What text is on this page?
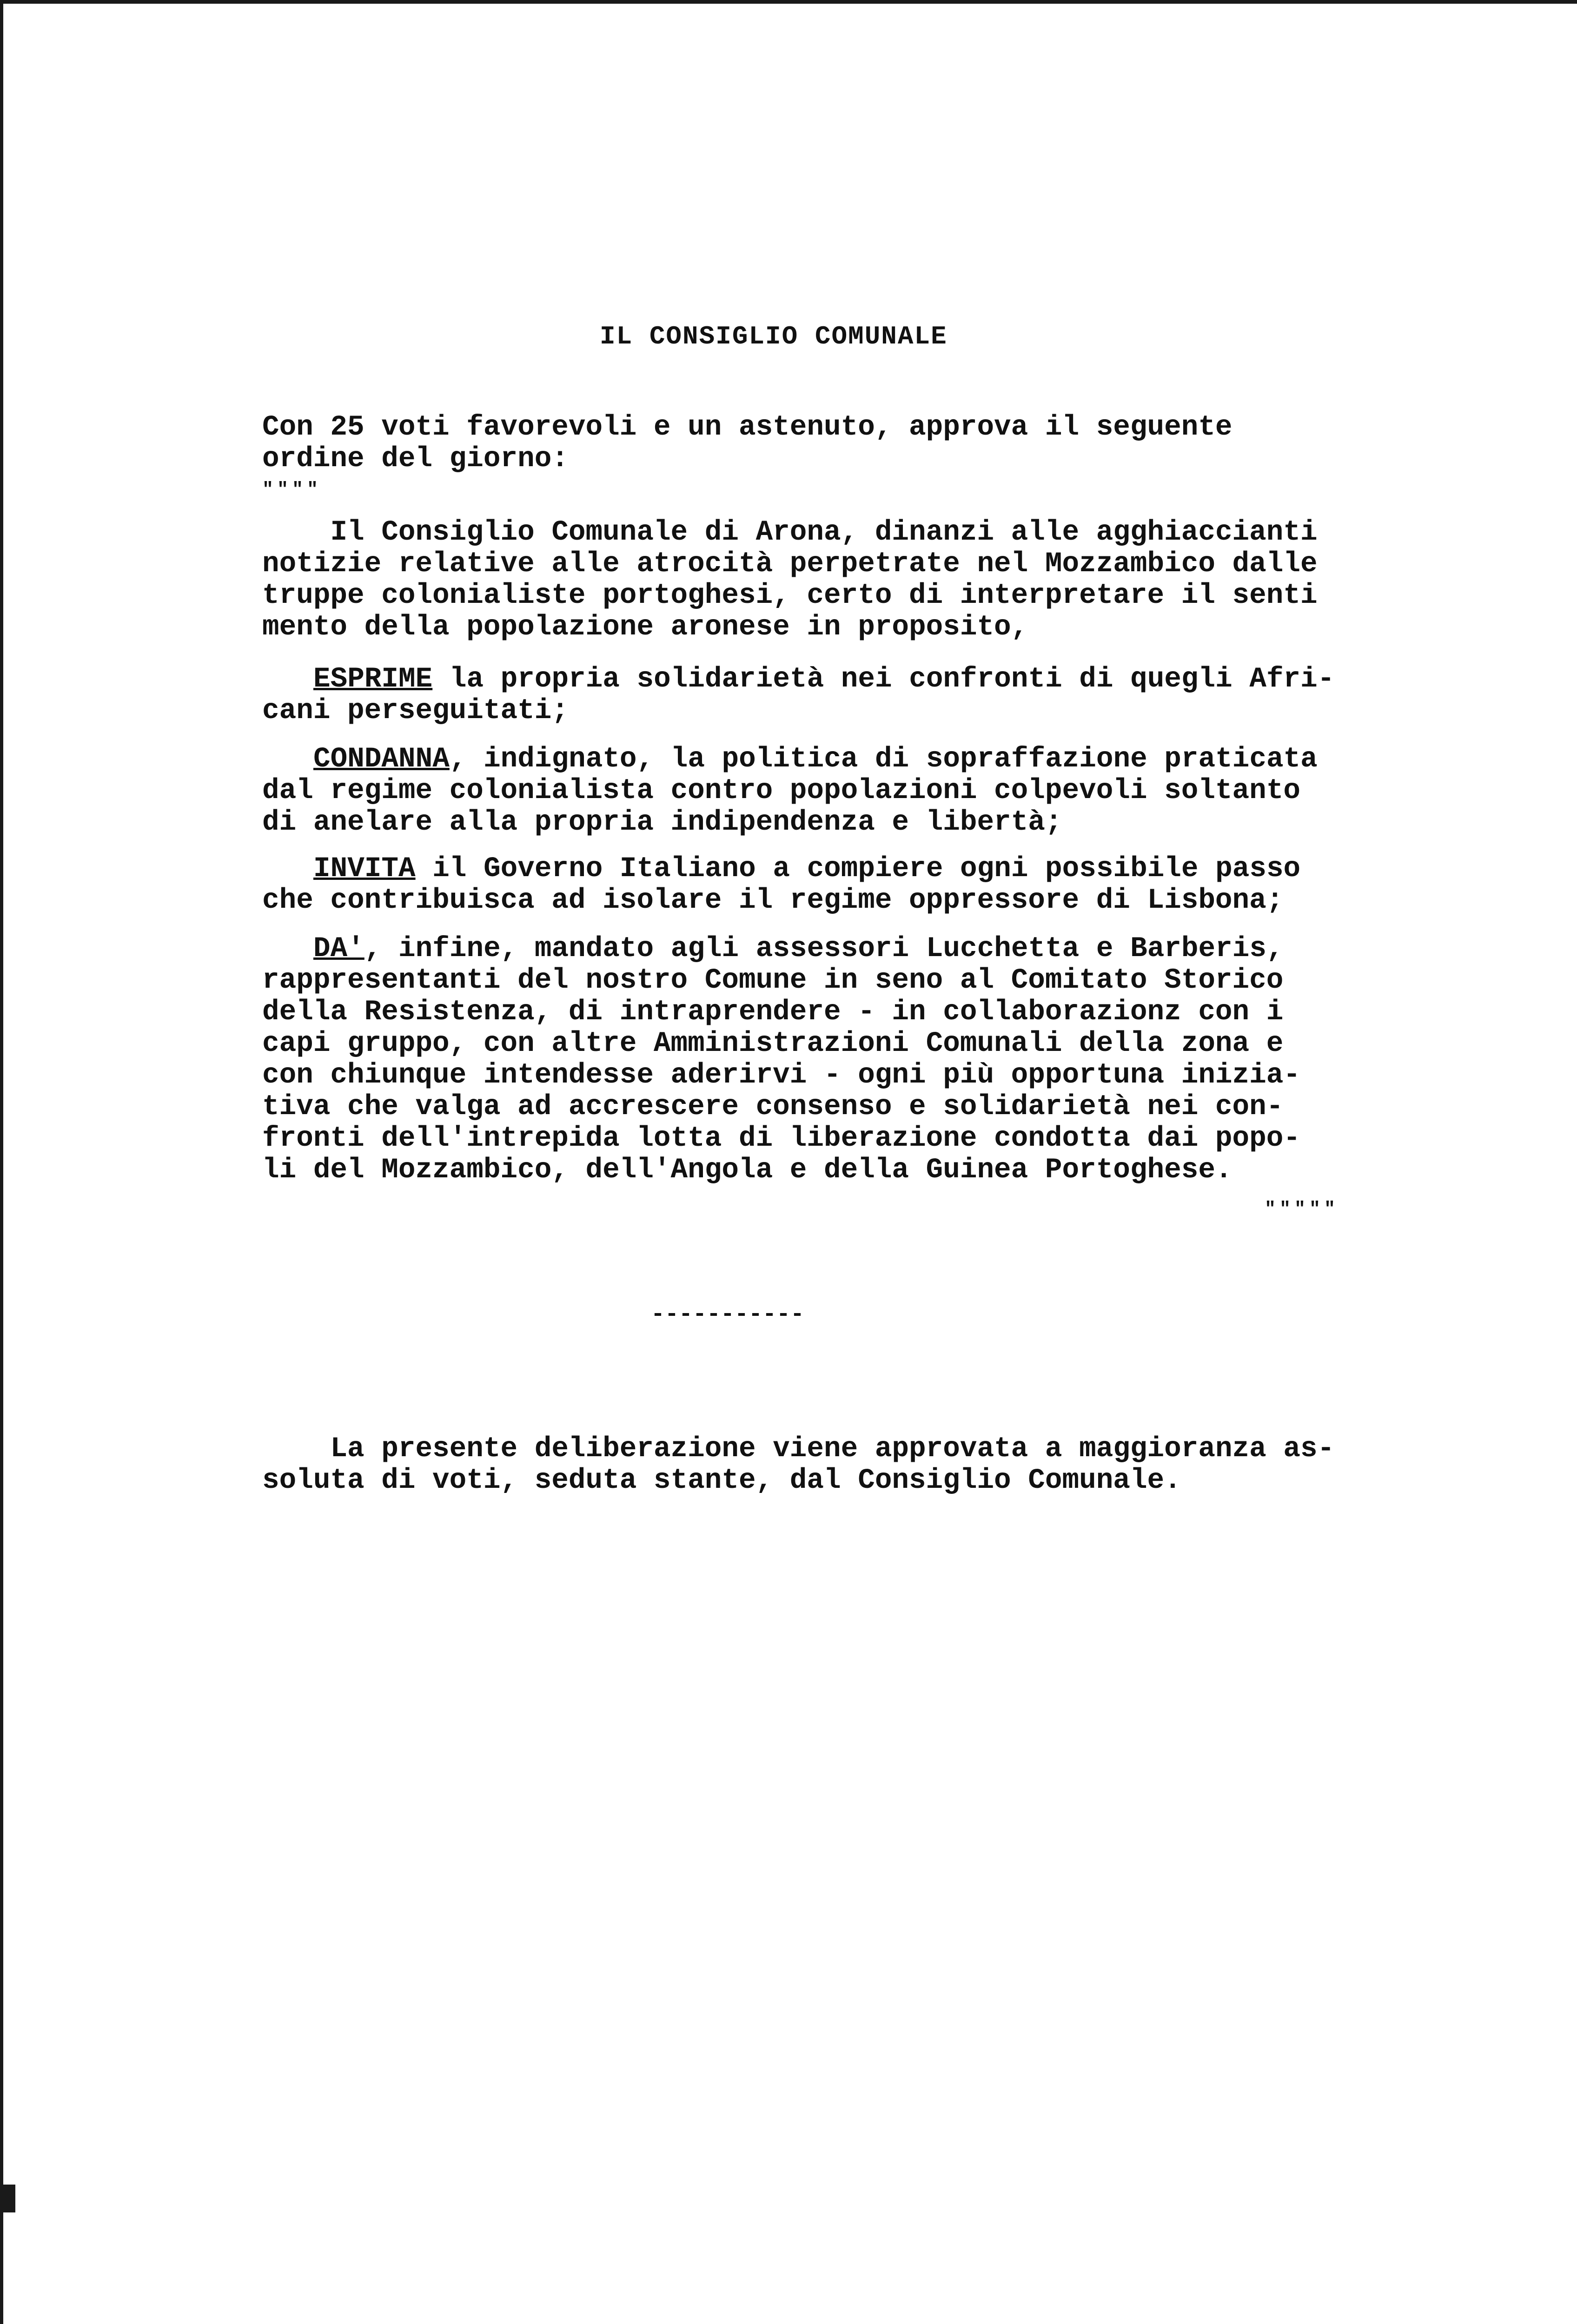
IL CONSIGLIO COMUNALE

Con 25 voti favorevoli e un astenuto, approva il seguente
ordine del giorno:

""""

Il Consiglio Comunale di Arona, dinanzi alle agghiaccianti
notizie relative alle atrocità perpetrate nel Mozzambico dalle
truppe colonialiste portoghesi, certo di interpretare il senti
mento della popolazione aronese in proposito,

ESPRIME la propria solidarietà nei confronti di quegli Afri-
cani perseguitati;

CONDANNA, indignato, la politica di sopraffazione praticata
dal regime colonialista contro popolazioni colpevoli soltanto
di anelare alla propria indipendenza e libertà;

INVITA il Governo Italiano a compiere ogni possibile passo
che contribuisca ad isolare il regime oppressore di Lisbona;

DA', infine, mandato agli assessori Lucchetta e Barberis,
rappresentanti del nostro Comune in seno al Comitato Storico
della Resistenza, di intraprendere - in collaborazionz con i
capi gruppo, con altre Amministrazioni Comunali della zona e
con chiunque intendesse aderirvi - ogni più opportuna inizia-
tiva che valga ad accrescere consenso e solidarietà nei con-
fronti dell'intrepida lotta di liberazione condotta dai popo-
li del Mozzambico, dell'Angola e della Guinea Portoghese.

"""""
-----------

La presente deliberazione viene approvata a maggioranza as-
soluta di voti, seduta stante, dal Consiglio Comunale.
